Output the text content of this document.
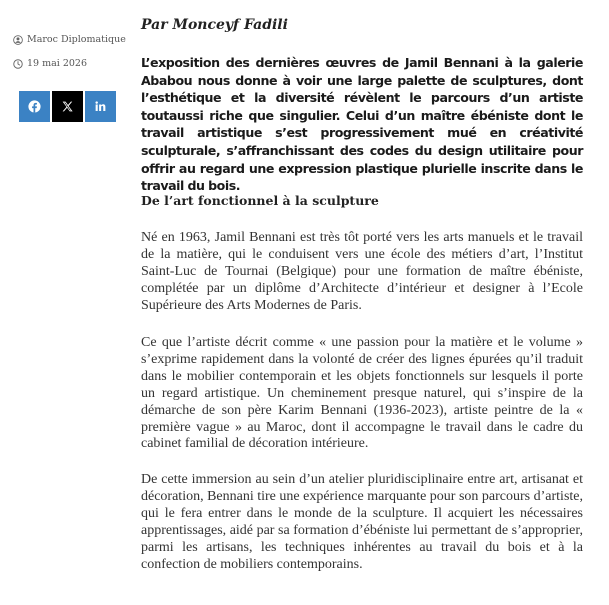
Maroc Diplomatique
19 mai 2026

Par Monceyf Fadili

L’exposition des dernières œuvres de Jamil Bennani à la galerie Ababou nous donne à voir une large palette de sculptures, dont l’esthétique et la diversité révèlent le parcours d’un artiste toutaussi riche que singulier. Celui d’un maître ébéniste dont le travail artistique s’est progressivement mué en créativité sculpturale, s’affranchissant des codes du design utilitaire pour offrir au regard une expression plastique plurielle inscrite dans le travail du bois.

De l’art fonctionnel à la sculpture

Né en 1963, Jamil Bennani est très tôt porté vers les arts manuels et le travail de la matière, qui le conduisent vers une école des métiers d’art, l’Institut Saint-Luc de Tournai (Belgique) pour une formation de maître ébéniste, complétée par un diplôme d’Architecte d’intérieur et designer à l’Ecole Supérieure des Arts Modernes de Paris.

Ce que l’artiste décrit comme « une passion pour la matière et le volume » s’exprime rapidement dans la volonté de créer des lignes épurées qu’il traduit dans le mobilier contemporain et les objets fonctionnels sur lesquels il porte un regard artistique. Un cheminement presque naturel, qui s’inspire de la démarche de son père Karim Bennani (1936-2023), artiste peintre de la « première vague » au Maroc, dont il accompagne le travail dans le cadre du cabinet familial de décoration intérieure.

De cette immersion au sein d’un atelier pluridisciplinaire entre art, artisanat et décoration, Bennani tire une expérience marquante pour son parcours d’artiste, qui le fera entrer dans le monde de la sculpture. Il acquiert les nécessaires apprentissages, aidé par sa formation d’ébéniste lui permettant de s’approprier, parmi les artisans, les techniques inhérentes au travail du bois et à la confection de mobiliers contemporains.
